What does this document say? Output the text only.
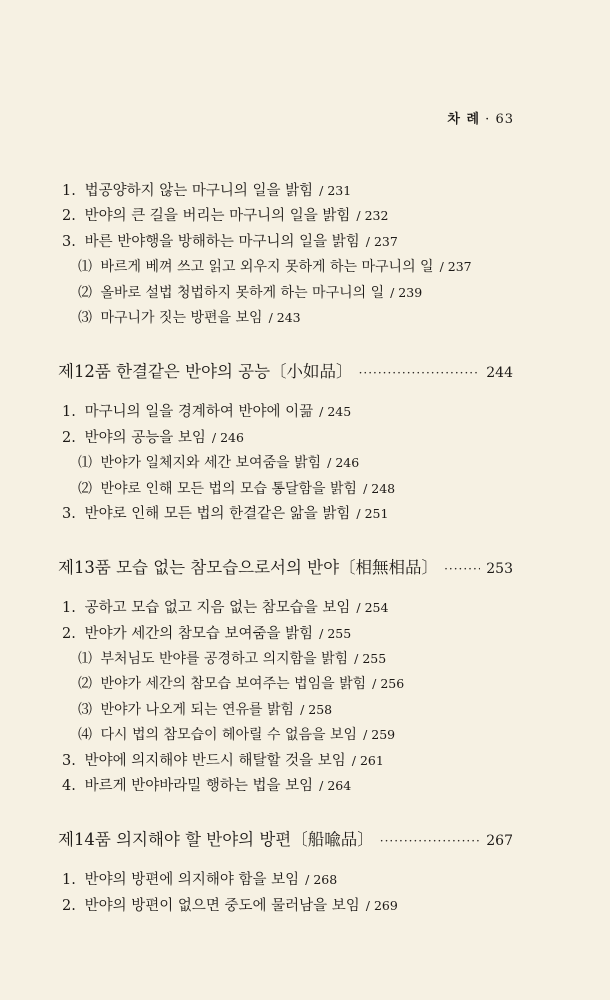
차 례 · 63
1. 법공양하지 않는 마구니의 일을 밝힘 / 231
2. 반야의 큰 길을 버리는 마구니의 일을 밝힘 / 232
3. 바른 반야행을 방해하는 마구니의 일을 밝힘 / 237
⑴ 바르게 베껴 쓰고 읽고 외우지 못하게 하는 마구니의 일 / 237
⑵ 올바로 설법 청법하지 못하게 하는 마구니의 일 / 239
⑶ 마구니가 짓는 방편을 보임 / 243
제12품 한결같은 반야의 공능〔小如品〕 ·····	244
1. 마구니의 일을 경계하여 반야에 이끎 / 245
2. 반야의 공능을 보임 / 246
⑴ 반야가 일체지와 세간 보여줌을 밝힘 / 246
⑵ 반야로 인해 모든 법의 모습 통달함을 밝힘 / 248
3. 반야로 인해 모든 법의 한결같은 앎을 밝힘 / 251
제13품 모습 없는 참모습으로서의 반야〔相無相品〕 ·····	253
1. 공하고 모습 없고 지음 없는 참모습을 보임 / 254
2. 반야가 세간의 참모습 보여줌을 밝힘 / 255
⑴ 부처님도 반야를 공경하고 의지함을 밝힘 / 255
⑵ 반야가 세간의 참모습 보여주는 법임을 밝힘 / 256
⑶ 반야가 나오게 되는 연유를 밝힘 / 258
⑷ 다시 법의 참모습이 헤아릴 수 없음을 보임 / 259
3. 반야에 의지해야 반드시 해탈할 것을 보임 / 261
4. 바르게 반야바라밀 행하는 법을 보임 / 264
제14품 의지해야 할 반야의 방편〔船喩品〕 ·····	267
1. 반야의 방편에 의지해야 함을 보임 / 268
2. 반야의 방편이 없으면 중도에 물러남을 보임 / 269
